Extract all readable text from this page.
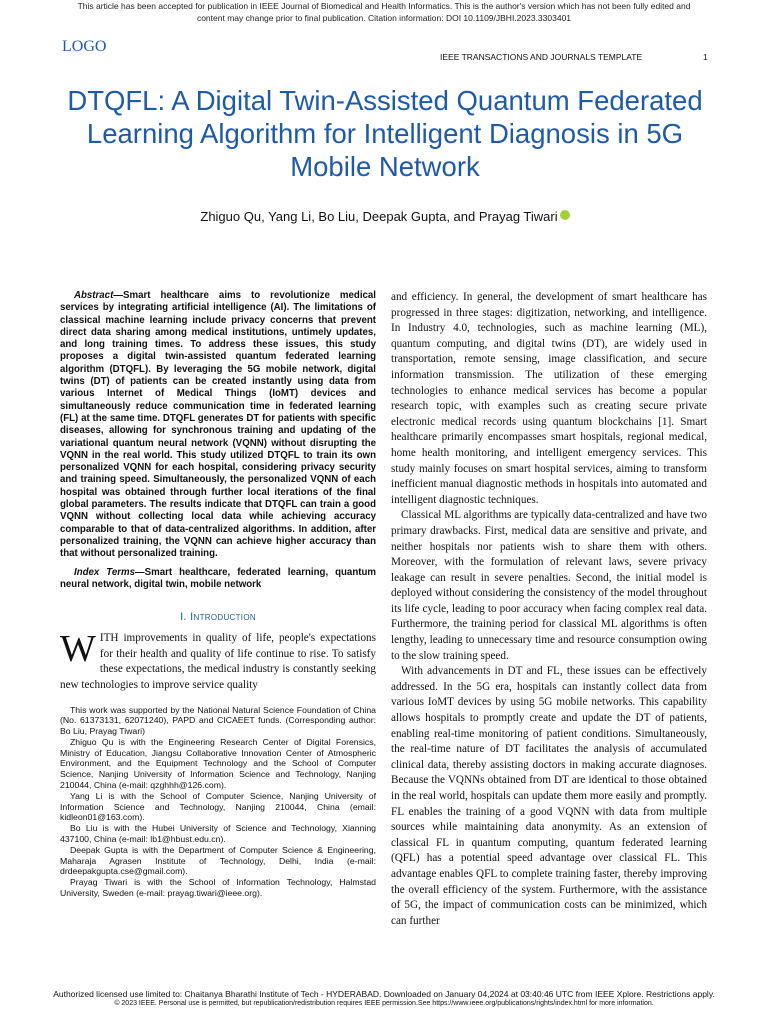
This article has been accepted for publication in IEEE Journal of Biomedical and Health Informatics. This is the author's version which has not been fully edited and
content may change prior to final publication. Citation information: DOI 10.1109/JBHI.2023.3303401
LOGO
IEEE TRANSACTIONS AND JOURNALS TEMPLATE	1
DTQFL: A Digital Twin-Assisted Quantum Federated Learning Algorithm for Intelligent Diagnosis in 5G Mobile Network
Zhiguo Qu, Yang Li, Bo Liu, Deepak Gupta, and Prayag Tiwari

Abstract—Smart healthcare aims to revolutionize medical services by integrating artificial intelligence (AI). The limitations of classical machine learning include privacy concerns that prevent direct data sharing among medical institutions, untimely updates, and long training times. To address these issues, this study proposes a digital twin-assisted quantum federated learning algorithm (DTQFL). By leveraging the 5G mobile network, digital twins (DT) of patients can be created instantly using data from various Internet of Medical Things (IoMT) devices and simultaneously reduce communication time in federated learning (FL) at the same time. DTQFL generates DT for patients with specific diseases, allowing for synchronous training and updating of the variational quantum neural network (VQNN) without disrupting the VQNN in the real world. This study utilized DTQFL to train its own personalized VQNN for each hospital, considering privacy security and training speed. Simultaneously, the personalized VQNN of each hospital was obtained through further local iterations of the final global parameters. The results indicate that DTQFL can train a good VQNN without collecting local data while achieving accuracy comparable to that of data-centralized algorithms. In addition, after personalized training, the VQNN can achieve higher accuracy than that without personalized training.

Index Terms—Smart healthcare, federated learning, quantum neural network, digital twin, mobile network

I. Introduction

WITH improvements in quality of life, people's expectations for their health and quality of life continue to rise. To satisfy these expectations, the medical industry is constantly seeking new technologies to improve service quality

This work was supported by the National Natural Science Foundation of China (No. 61373131, 62071240), PAPD and CICAEET funds. (Corresponding author: Bo Liu, Prayag Tiwari)

Zhiguo Qu is with the Engineering Research Center of Digital Forensics, Ministry of Education, Jiangsu Collaborative Innovation Center of Atmospheric Environment, and the Equipment Technology and the School of Computer Science, Nanjing University of Information Science and Technology, Nanjing 210044, China (e-mail: qzghhh@126.com).

Yang Li is with the School of Computer Science, Nanjing University of Information Science and Technology, Nanjing 210044, China (email: kidleon01@163.com).

Bo Liu is with the Hubei University of Science and Technology, Xianning 437100, China (e-mail: lb1@hbust.edu.cn).

Deepak Gupta is with the Department of Computer Science & Engineering, Maharaja Agrasen Institute of Technology, Delhi, India (e-mail: drdeepakgupta.cse@gmail.com).

Prayag Tiwari is with the School of Information Technology, Halmstad University, Sweden (e-mail: prayag.tiwari@ieee.org).

and efficiency. In general, the development of smart healthcare has progressed in three stages: digitization, networking, and intelligence. In Industry 4.0, technologies, such as machine learning (ML), quantum computing, and digital twins (DT), are widely used in transportation, remote sensing, image classification, and secure information transmission. The utilization of these emerging technologies to enhance medical services has become a popular research topic, with examples such as creating secure private electronic medical records using quantum blockchains [1]. Smart healthcare primarily encompasses smart hospitals, regional medical, home health monitoring, and intelligent emergency services. This study mainly focuses on smart hospital services, aiming to transform inefficient manual diagnostic methods in hospitals into automated and intelligent diagnostic techniques.

Classical ML algorithms are typically data-centralized and have two primary drawbacks. First, medical data are sensitive and private, and neither hospitals nor patients wish to share them with others. Moreover, with the formulation of relevant laws, severe privacy leakage can result in severe penalties. Second, the initial model is deployed without considering the consistency of the model throughout its life cycle, leading to poor accuracy when facing complex real data. Furthermore, the training period for classical ML algorithms is often lengthy, leading to unnecessary time and resource consumption owing to the slow training speed.

With advancements in DT and FL, these issues can be effectively addressed. In the 5G era, hospitals can instantly collect data from various IoMT devices by using 5G mobile networks. This capability allows hospitals to promptly create and update the DT of patients, enabling real-time monitoring of patient conditions. Simultaneously, the real-time nature of DT facilitates the analysis of accumulated clinical data, thereby assisting doctors in making accurate diagnoses. Because the VQNNs obtained from DT are identical to those obtained in the real world, hospitals can update them more easily and promptly. FL enables the training of a good VQNN with data from multiple sources while maintaining data anonymity. As an extension of classical FL in quantum computing, quantum federated learning (QFL) has a potential speed advantage over classical FL. This advantage enables QFL to complete training faster, thereby improving the overall efficiency of the system. Furthermore, with the assistance of 5G, the impact of communication costs can be minimized, which can further

Authorized licensed use limited to: Chaitanya Bharathi Institute of Tech - HYDERABAD. Downloaded on January 04,2024 at 03:40:46 UTC from IEEE Xplore. Restrictions apply.
© 2023 IEEE. Personal use is permitted, but republication/redistribution requires IEEE permission.See https://www.ieee.org/publications/rights/index.html for more information.
